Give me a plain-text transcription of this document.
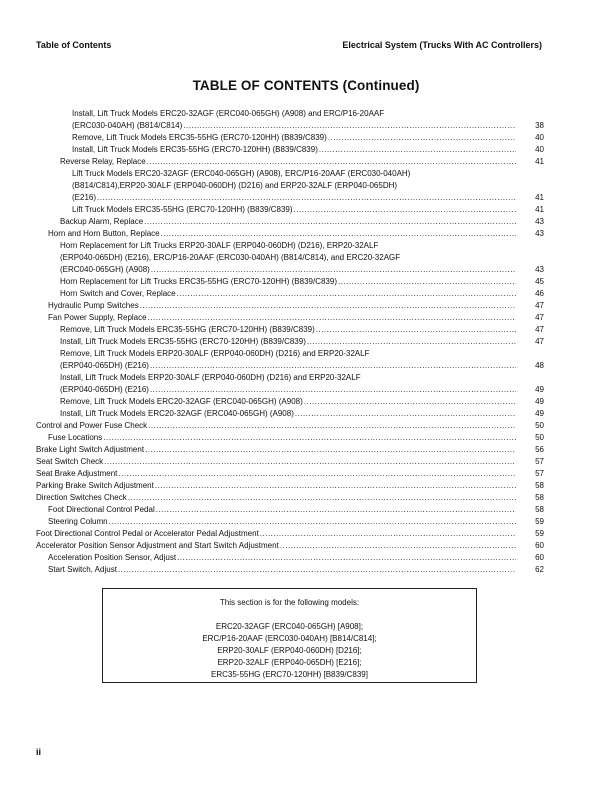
Table of Contents	Electrical System (Trucks With AC Controllers)
TABLE OF CONTENTS (Continued)
Install, Lift Truck Models ERC20-32AGF (ERC040-065GH) (A908) and ERC/P16-20AAF
(ERC030-040AH) (B814/C814) .....	38
Remove, Lift Truck Models ERC35-55HG (ERC70-120HH) (B839/C839) .....	40
Install, Lift Truck Models ERC35-55HG (ERC70-120HH) (B839/C839) .....	40
Reverse Relay, Replace .....	41
Lift Truck Models ERC20-32AGF (ERC040-065GH) (A908), ERC/P16-20AAF (ERC030-040AH)
(B814/C814),ERP20-30ALF (ERP040-060DH) (D216) and ERP20-32ALF (ERP040-065DH)
(E216) .....	41
Lift Truck Models ERC35-55HG (ERC70-120HH) (B839/C839) .....	41
Backup Alarm, Replace .....	43
Horn and Horn Button, Replace .....	43
Horn Replacement for Lift Trucks ERP20-30ALF (ERP040-060DH) (D216), ERP20-32ALF
(ERP040-065DH) (E216), ERC/P16-20AAF (ERC030-040AH) (B814/C814), and ERC20-32AGF
(ERC040-065GH) (A908) .....	43
Horn Replacement for Lift Trucks ERC35-55HG (ERC70-120HH) (B839/C839) .....	45
Horn Switch and Cover, Replace .....	46
Hydraulic Pump Switches .....	47
Fan Power Supply, Replace .....	47
Remove, Lift Truck Models ERC35-55HG (ERC70-120HH) (B839/C839) .....	47
Install, Lift Truck Models ERC35-55HG (ERC70-120HH) (B839/C839) .....	47
Remove, Lift Truck Models ERP20-30ALF (ERP040-060DH) (D216) and ERP20-32ALF
(ERP040-065DH) (E216) .....	48
Install, Lift Truck Models ERP20-30ALF (ERP040-060DH) (D216) and ERP20-32ALF
(ERP040-065DH) (E216) .....	49
Remove, Lift Truck Models ERC20-32AGF (ERC040-065GH) (A908) .....	49
Install, Lift Truck Models ERC20-32AGF (ERC040-065GH) (A908) .....	49
Control and Power Fuse Check .....	50
Fuse Locations .....	50
Brake Light Switch Adjustment .....	56
Seat Switch Check .....	57
Seat Brake Adjustment .....	57
Parking Brake Switch Adjustment .....	58
Direction Switches Check .....	58
Foot Directional Control Pedal .....	58
Steering Column .....	59
Foot Directional Control Pedal or Accelerator Pedal Adjustment .....	59
Accelerator Position Sensor Adjustment and Start Switch Adjustment .....	60
Acceleration Position Sensor, Adjust .....	60
Start Switch, Adjust .....	62
This section is for the following models:
ERC20-32AGF (ERC040-065GH) [A908];
ERC/P16-20AAF (ERC030-040AH) [B814/C814];
ERP20-30ALF (ERP040-060DH) [D216];
ERP20-32ALF (ERP040-065DH) [E216];
ERC35-55HG (ERC70-120HH) [B839/C839]
ii
